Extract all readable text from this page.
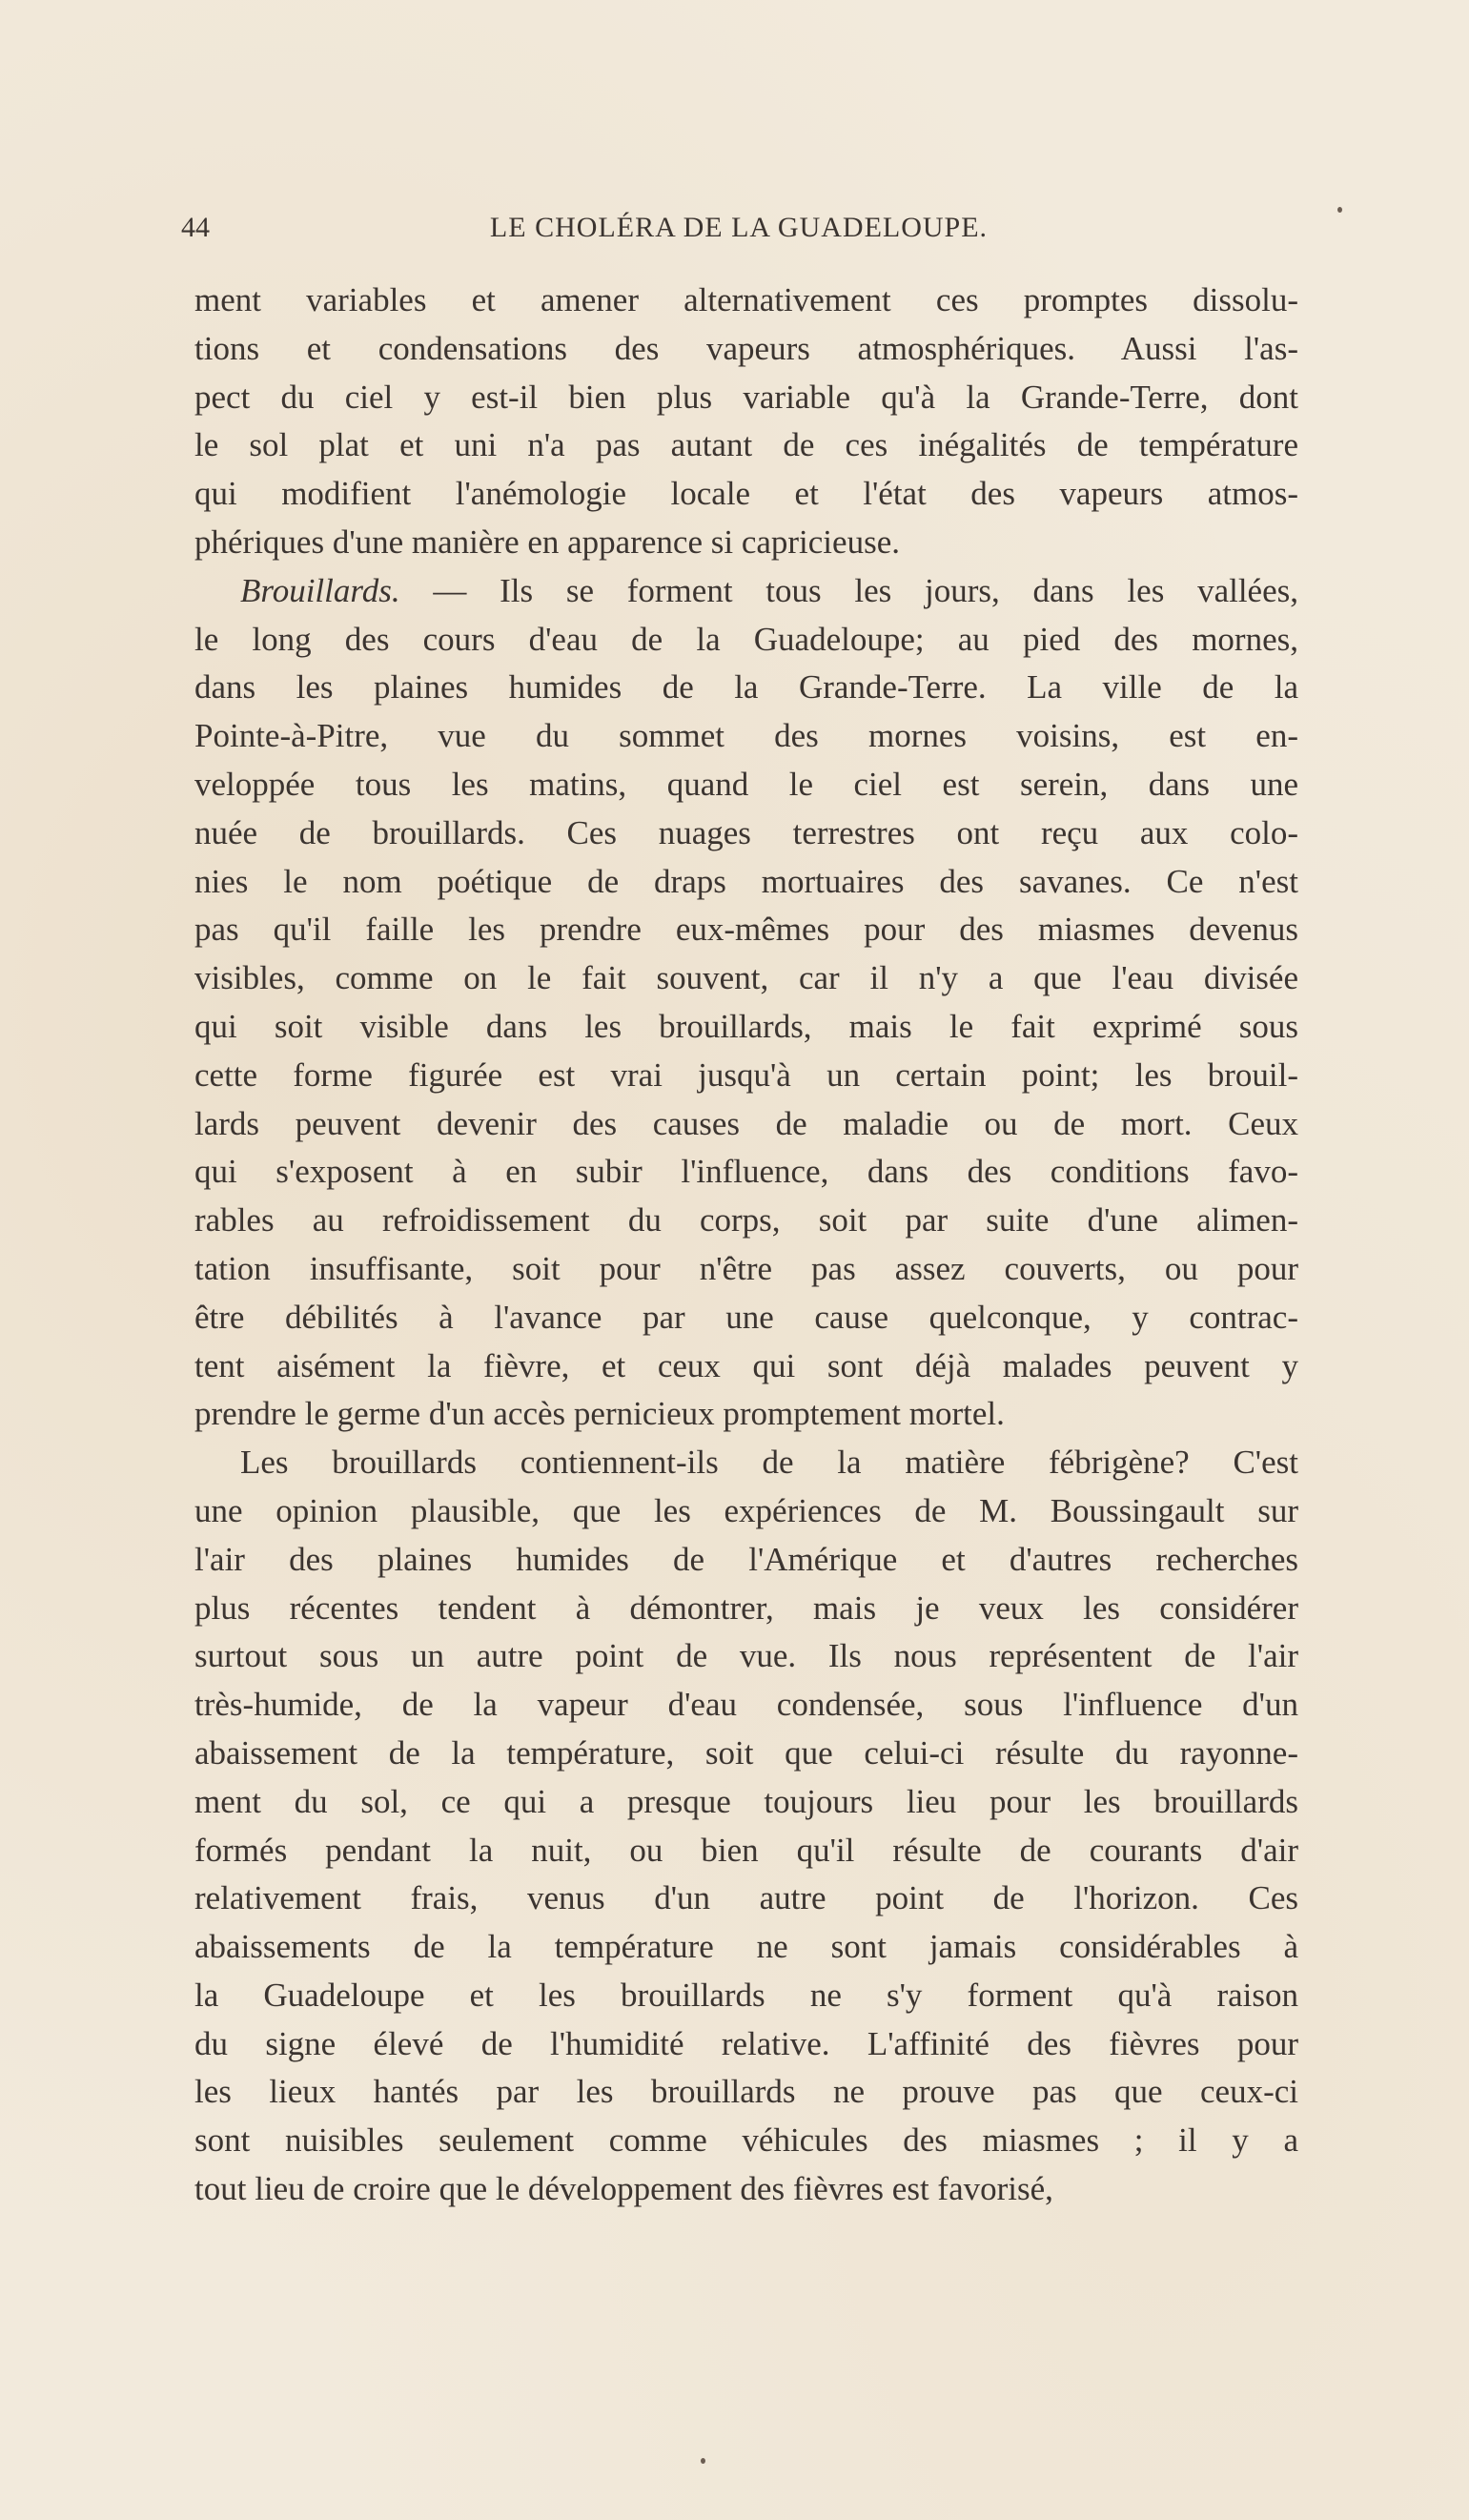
44	LE CHOLÉRA DE LA GUADELOUPE.
ment variables et amener alternativement ces promptes dissolu-
tions et condensations des vapeurs atmosphériques. Aussi l'as-
pect du ciel y est-il bien plus variable qu'à la Grande-Terre, dont
le sol plat et uni n'a pas autant de ces inégalités de température
qui modifient l'anémologie locale et l'état des vapeurs atmos-
phériques d'une manière en apparence si capricieuse.
Brouillards. — Ils se forment tous les jours, dans les vallées,
le long des cours d'eau de la Guadeloupe; au pied des mornes,
dans les plaines humides de la Grande-Terre. La ville de la
Pointe-à-Pitre, vue du sommet des mornes voisins, est en-
veloppée tous les matins, quand le ciel est serein, dans une
nuée de brouillards. Ces nuages terrestres ont reçu aux colo-
nies le nom poétique de draps mortuaires des savanes. Ce n'est
pas qu'il faille les prendre eux-mêmes pour des miasmes devenus
visibles, comme on le fait souvent, car il n'y a que l'eau divisée
qui soit visible dans les brouillards, mais le fait exprimé sous
cette forme figurée est vrai jusqu'à un certain point; les brouil-
lards peuvent devenir des causes de maladie ou de mort. Ceux
qui s'exposent à en subir l'influence, dans des conditions favo-
rables au refroidissement du corps, soit par suite d'une alimen-
tation insuffisante, soit pour n'être pas assez couverts, ou pour
être débilités à l'avance par une cause quelconque, y contrac-
tent aisément la fièvre, et ceux qui sont déjà malades peuvent y
prendre le germe d'un accès pernicieux promptement mortel.
Les brouillards contiennent-ils de la matière fébrigène? C'est
une opinion plausible, que les expériences de M. Boussingault sur
l'air des plaines humides de l'Amérique et d'autres recherches
plus récentes tendent à démontrer, mais je veux les considérer
surtout sous un autre point de vue. Ils nous représentent de l'air
très-humide, de la vapeur d'eau condensée, sous l'influence d'un
abaissement de la température, soit que celui-ci résulte du rayonne-
ment du sol, ce qui a presque toujours lieu pour les brouillards
formés pendant la nuit, ou bien qu'il résulte de courants d'air
relativement frais, venus d'un autre point de l'horizon. Ces
abaissements de la température ne sont jamais considérables à
la Guadeloupe et les brouillards ne s'y forment qu'à raison
du signe élevé de l'humidité relative. L'affinité des fièvres pour
les lieux hantés par les brouillards ne prouve pas que ceux-ci
sont nuisibles seulement comme véhicules des miasmes ; il y a
tout lieu de croire que le développement des fièvres est favorisé,
